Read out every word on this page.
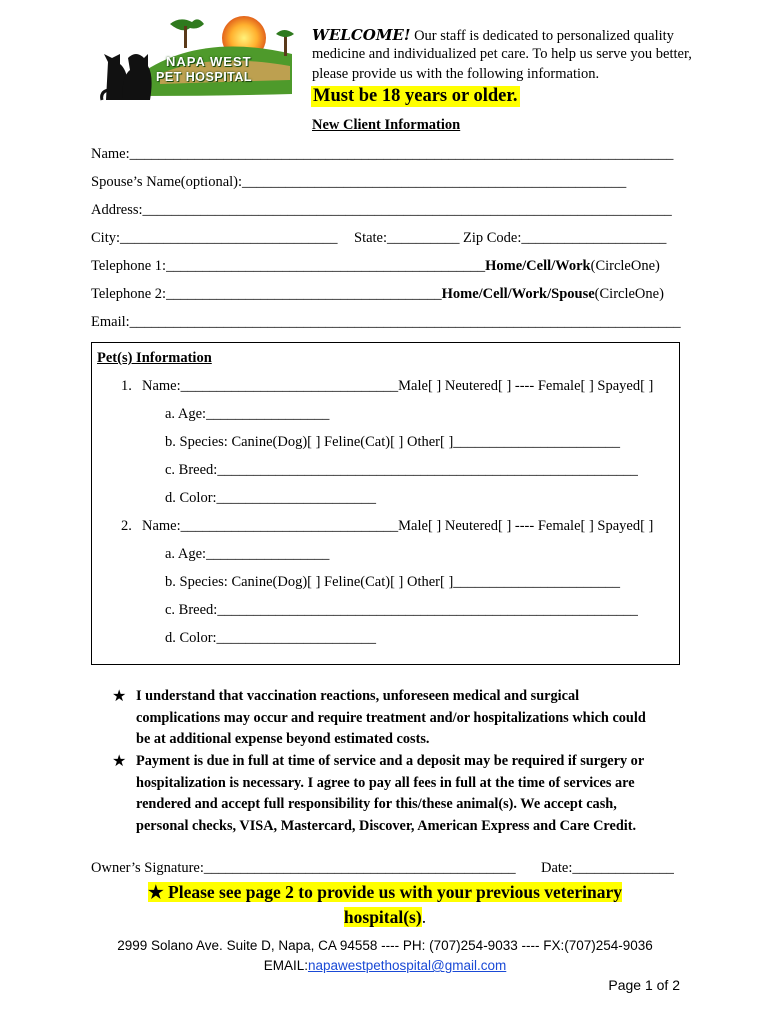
NAPA WEST
PET HOSPITAL
WELCOME! Our staff is dedicated to personalized quality
medicine and individualized pet care. To help us serve you better,
please provide us with the following information.
Must be 18 years or older.
New Client Information
Name:___________________________________________________________________________
Spouse’s Name(optional):_____________________________________________________
Address:_________________________________________________________________________
City:______________________________ State:__________ Zip Code:____________________
Telephone 1:____________________________________________Home/Cell/Work(CircleOne)
Telephone 2:______________________________________Home/Cell/Work/Spouse(CircleOne)
Email:____________________________________________________________________________
Pet(s) Information
1. Name:______________________________Male[ ] Neutered[ ] ---- Female[ ] Spayed[ ]
a. Age:_________________
b. Species: Canine(Dog)[ ] Feline(Cat)[ ] Other[ ]_______________________
c. Breed:__________________________________________________________
d. Color:______________________
2. Name:______________________________Male[ ] Neutered[ ] ---- Female[ ] Spayed[ ]
a. Age:_________________
b. Species: Canine(Dog)[ ] Feline(Cat)[ ] Other[ ]_______________________
c. Breed:__________________________________________________________
d. Color:______________________
★ I understand that vaccination reactions, unforeseen medical and surgical
complications may occur and require treatment and/or hospitalizations which could
be at additional expense beyond estimated costs.
★ Payment is due in full at time of service and a deposit may be required if surgery or
hospitalization is necessary. I agree to pay all fees in full at the time of services are
rendered and accept full responsibility for this/these animal(s). We accept cash,
personal checks, VISA, Mastercard, Discover, American Express and Care Credit.
Owner’s Signature:___________________________________________ Date:______________
★ Please see page 2 to provide us with your previous veterinary
hospital(s).
2999 Solano Ave. Suite D, Napa, CA 94558 ---- PH: (707)254-9033 ---- FX:(707)254-9036
EMAIL:napawestpethospital@gmail.com
Page 1 of 2
